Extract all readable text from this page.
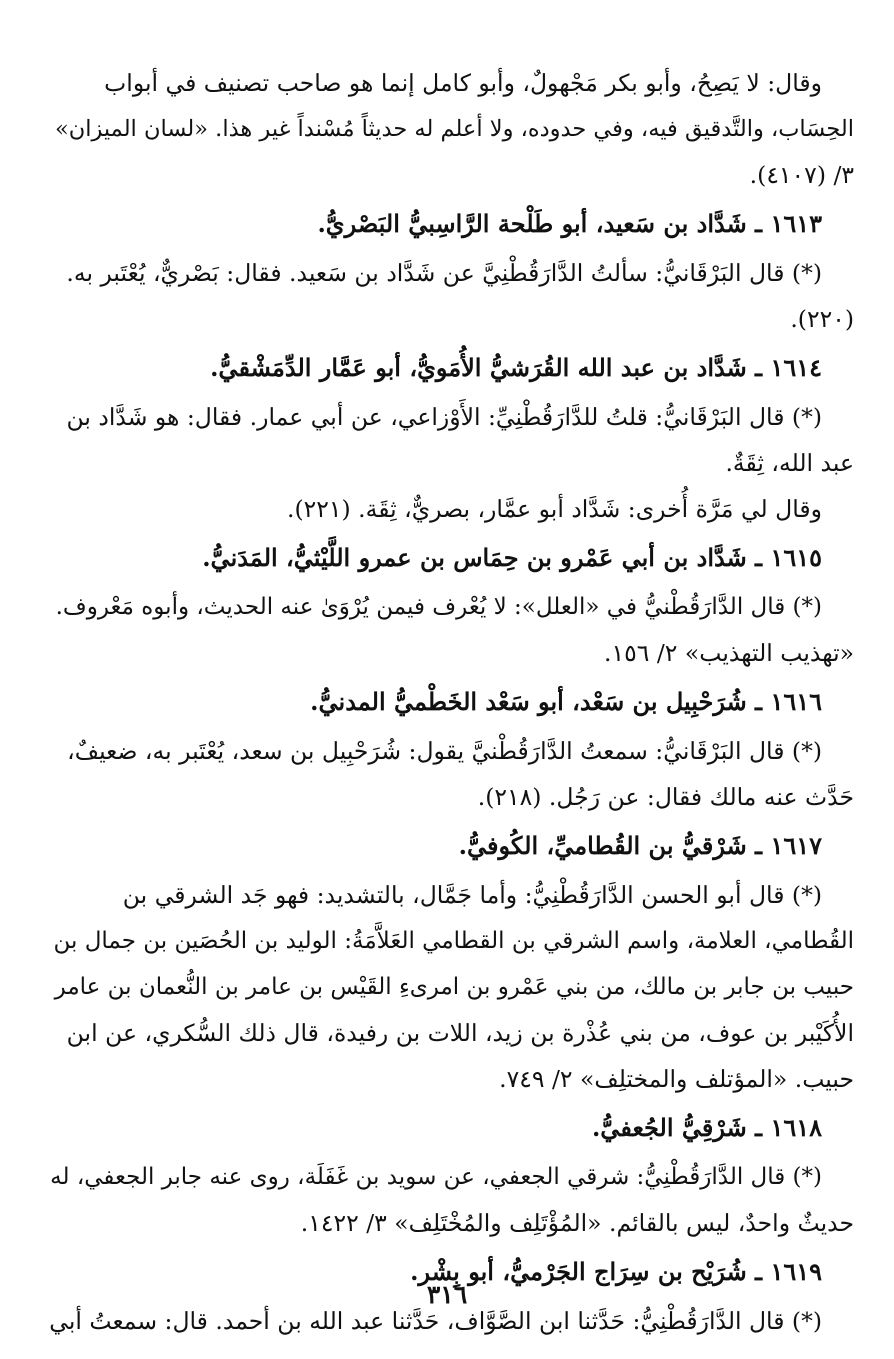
وقال: لا يَصِحُ، وأبو بكر مَجْهولٌ، وأبو كامل إنما هو صاحب تصنيف في أبواب
الحِسَاب، والتَّدقيق فيه، وفي حدوده، ولا أعلم له حديثاً مُسْنداً غير هذا. «لسان الميزان»
٣/ (٤١٠٧).
١٦١٣ ـ شَدَّاد بن سَعيد، أبو طَلْحة الرَّاسِبيُّ البَصْريُّ.
(*) قال البَرْقَانيُّ: سألتُ الدَّارَقُطْنِيَّ عن شَدَّاد بن سَعيد. فقال: بَصْريٌّ، يُعْتَبر به.
(٢٢٠).
١٦١٤ ـ شَدَّاد بن عبد الله القُرَشيُّ الأُمَويُّ، أبو عَمَّار الدِّمَشْقيُّ.
(*) قال البَرْقَانيُّ: قلتُ للدَّارَقُطْنِيِّ: الأَوْزاعي، عن أبي عمار. فقال: هو شَدَّاد بن
عبد الله، ثِقَةٌ.
وقال لي مَرَّة أُخرى: شَدَّاد أبو عمَّار، بصريٌّ، ثِقَة. (٢٢١).
١٦١٥ ـ شَدَّاد بن أبي عَمْرو بن حِمَاس بن عمرو اللَّيْثيُّ، المَدَنيُّ.
(*) قال الدَّارَقُطْنيُّ في «العلل»: لا يُعْرف فيمن يُرْوَىٰ عنه الحديث، وأبوه مَعْروف.
«تهذيب التهذيب» ٢/ ١٥٦.
١٦١٦ ـ شُرَحْبِيل بن سَعْد، أبو سَعْد الخَطْميُّ المدنيُّ.
(*) قال البَرْقَانيُّ: سمعتُ الدَّارَقُطْنيَّ يقول: شُرَحْبِيل بن سعد، يُعْتَبر به، ضعيفٌ،
حَدَّث عنه مالك فقال: عن رَجُل. (٢١٨).
١٦١٧ ـ شَرْقيُّ بن القُطاميِّ، الكُوفيُّ.
(*) قال أبو الحسن الدَّارَقُطْنِيُّ: وأما جَمَّال، بالتشديد: فهو جَد الشرقي بن
القُطامي، العلامة، واسم الشرقي بن القطامي العَلاَّمَةُ: الوليد بن الحُصَين بن جمال بن
حبيب بن جابر بن مالك، من بني عَمْرو بن امرىءِ القَيْس بن عامر بن النُّعمان بن عامر
الأُكَيْبر بن عوف، من بني عُذْرة بن زيد، اللات بن رفيدة، قال ذلك السُّكري، عن ابن
حبيب. «المؤتلف والمختلِف» ٢/ ٧٤٩.
١٦١٨ ـ شَرْقِيُّ الجُعفيُّ.
(*) قال الدَّارَقُطْنِيُّ: شرقي الجعفي، عن سويد بن غَفَلَة، روى عنه جابر الجعفي، له
حديثٌ واحدٌ، ليس بالقائم. «المُؤْتَلِف والمُخْتَلِف» ٣/ ١٤٢٢.
١٦١٩ ـ شُرَيْح بن سِرَاج الجَرْميُّ، أبو بِشْر.
(*) قال الدَّارَقُطْنِيُّ: حَدَّثنا ابن الصَّوَّاف، حَدَّثنا عبد الله بن أحمد. قال: سمعتُ أبي
٣١٦
